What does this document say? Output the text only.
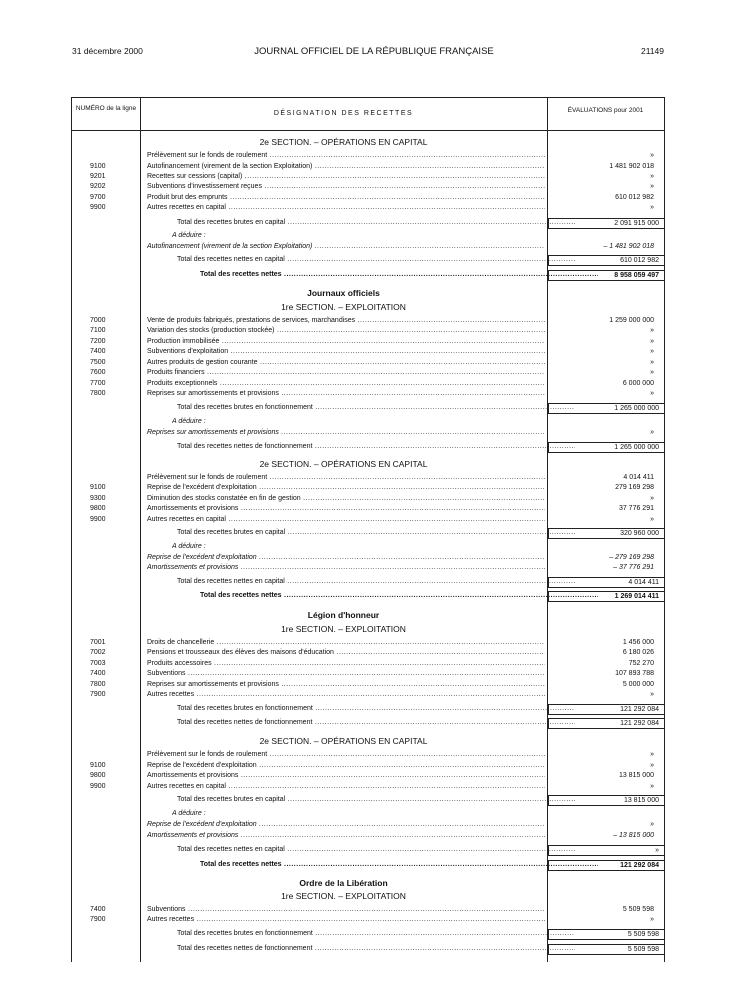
31 décembre 2000	JOURNAL OFFICIEL DE LA RÉPUBLIQUE FRANÇAISE	21149
NUMÉRO de la ligne
DÉSIGNATION DES RECETTES	ÉVALUATIONS pour 2001
2e SECTION. – OPÉRATIONS EN CAPITAL
Prélèvement sur le fonds de roulement .....	»
9100	Autofinancement (virement de la section Exploitation) .....	1 481 902 018
9201	Recettes sur cessions (capital) .....	»
9202	Subventions d'investissement reçues .....	»
9700	Produit brut des emprunts .....	610 012 982
9900	Autres recettes en capital .....	»
Total des recettes brutes en capital .....	2 091 915 000
A déduire :
Autofinancement (virement de la section Exploitation) .....	– 1 481 902 018
Total des recettes nettes en capital .....	610 012 982
Total des recettes nettes .....	8 958 059 497
Journaux officiels
1re SECTION. – EXPLOITATION
7000	Vente de produits fabriqués, prestations de services, marchandises .....	1 259 000 000
7100	Variation des stocks (production stockée) .....	»
7200	Production immobilisée .....	»
7400	Subventions d'exploitation .....	»
7500	Autres produits de gestion courante .....	»
7600	Produits financiers .....	»
7700	Produits exceptionnels .....	6 000 000
7800	Reprises sur amortissements et provisions .....	»
Total des recettes brutes en fonctionnement .....	1 265 000 000
A déduire :
Reprises sur amortissements et provisions .....	»
Total des recettes nettes de fonctionnement .....	1 265 000 000
2e SECTION. – OPÉRATIONS EN CAPITAL
Prélèvement sur le fonds de roulement .....	4 014 411
9100	Reprise de l'excédent d'exploitation .....	279 169 298
9300	Diminution des stocks constatée en fin de gestion .....	»
9800	Amortissements et provisions .....	37 776 291
9900	Autres recettes en capital .....	»
Total des recettes brutes en capital .....	320 960 000
A déduire :
Reprise de l'excédent d'exploitation .....	– 279 169 298
Amortissements et provisions .....	– 37 776 291
Total des recettes nettes en capital .....	4 014 411
Total des recettes nettes .....	1 269 014 411
Légion d'honneur
1re SECTION. – EXPLOITATION
7001	Droits de chancellerie .....	1 456 000
7002	Pensions et trousseaux des élèves des maisons d'éducation .....	6 180 026
7003	Produits accessoires .....	752 270
7400	Subventions .....	107 893 788
7800	Reprises sur amortissements et provisions .....	5 000 000
7900	Autres recettes .....	»
Total des recettes brutes en fonctionnement .....	121 292 084
Total des recettes nettes de fonctionnement .....	121 292 084
2e SECTION. – OPÉRATIONS EN CAPITAL
Prélèvement sur le fonds de roulement .....	»
9100	Reprise de l'excédent d'exploitation .....	»
9800	Amortissements et provisions .....	13 815 000
9900	Autres recettes en capital .....	»
Total des recettes brutes en capital .....	13 815 000
A déduire :
Reprise de l'excédent d'exploitation .....	»
Amortissements et provisions .....	– 13 815 000
Total des recettes nettes en capital .....	»
Total des recettes nettes .....	121 292 084
Ordre de la Libération
1re SECTION. – EXPLOITATION
7400	Subventions .....	5 509 598
7900	Autres recettes .....	»
Total des recettes brutes en fonctionnement .....	5 509 598
Total des recettes nettes de fonctionnement .....	5 509 598
